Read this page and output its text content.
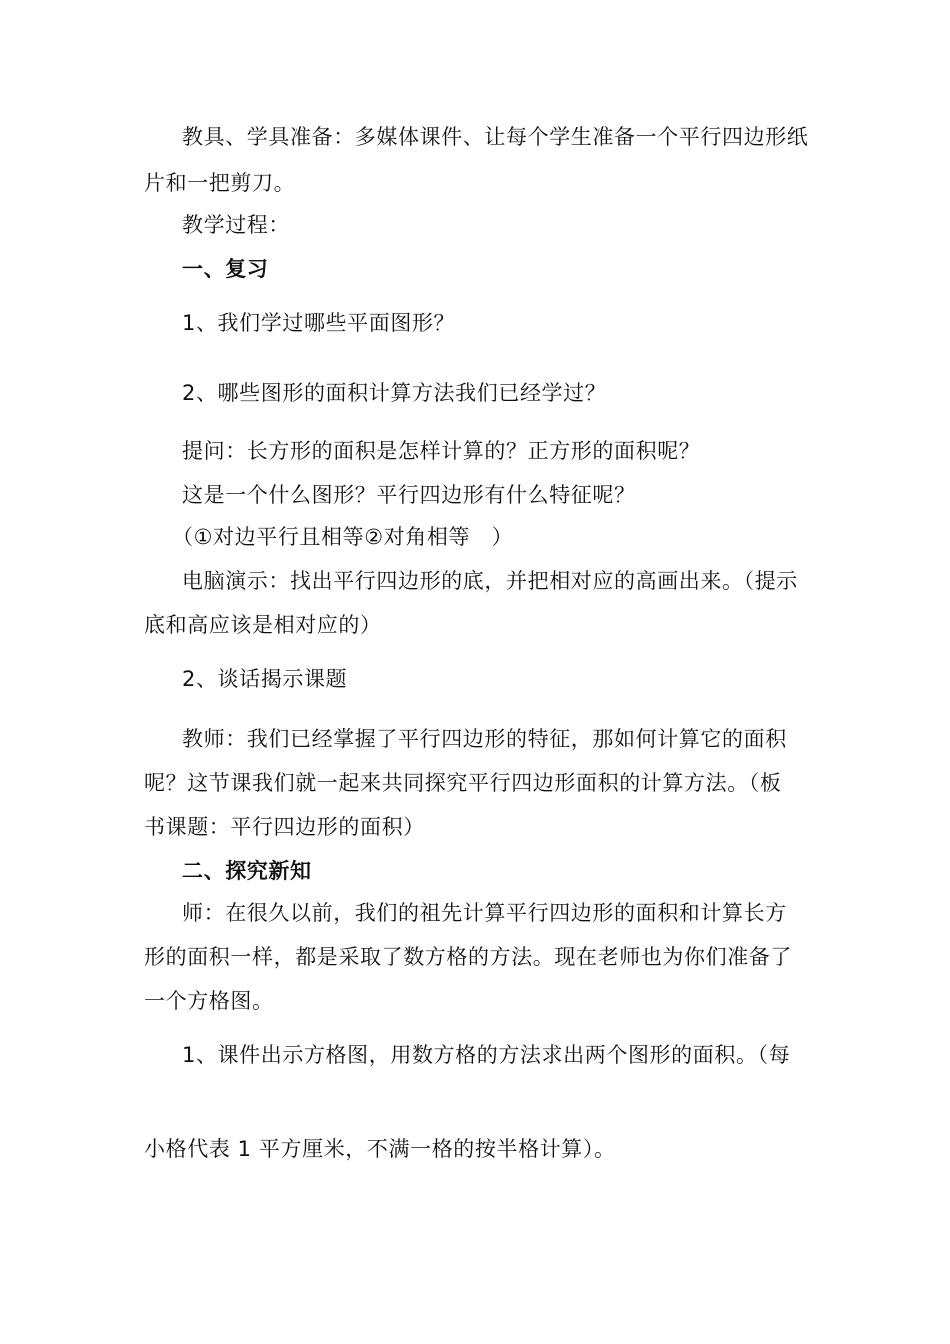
教具、学具准备：多媒体课件、让每个学生准备一个平行四边形纸
片和一把剪刀。
教学过程：
一、复习
1、我们学过哪些平面图形？
2、哪些图形的面积计算方法我们已经学过？
提问：长方形的面积是怎样计算的？正方形的面积呢？
这是一个什么图形？平行四边形有什么特征呢？
（①对边平行且相等②对角相等　）
电脑演示：找出平行四边形的底，并把相对应的高画出来。（提示
底和高应该是相对应的）
2、谈话揭示课题
教师：我们已经掌握了平行四边形的特征，那如何计算它的面积
呢？这节课我们就一起来共同探究平行四边形面积的计算方法。（板
书课题：平行四边形的面积）
二、探究新知
师：在很久以前，我们的祖先计算平行四边形的面积和计算长方
形的面积一样，都是采取了数方格的方法。现在老师也为你们准备了
一个方格图。
1、课件出示方格图，用数方格的方法求出两个图形的面积。（每
小格代表 1 平方厘米，不满一格的按半格计算）。
